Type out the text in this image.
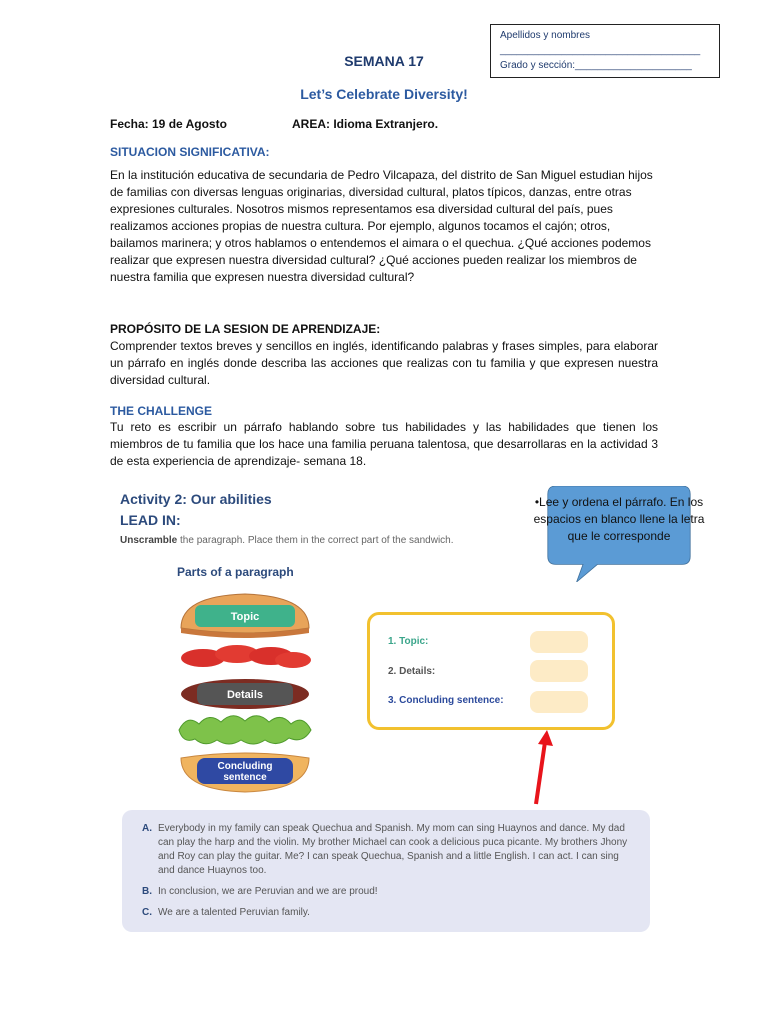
Apellidos y nombres
____________________________________
Grado y sección:_____________________
SEMANA 17
Let’s Celebrate Diversity!
Fecha: 19 de Agosto	AREA: Idioma Extranjero.
SITUACION SIGNIFICATIVA:
En la institución educativa de secundaria de Pedro Vilcapaza, del distrito de San Miguel estudian hijos de familias con diversas lenguas originarias, diversidad cultural, platos típicos, danzas, entre otras expresiones culturales. Nosotros mismos representamos esa diversidad cultural del país, pues realizamos acciones propias de nuestra cultura. Por ejemplo, algunos tocamos el cajón; otros, bailamos marinera; y otros hablamos o entendemos el aimara o el quechua. ¿Qué acciones podemos realizar que expresen nuestra diversidad cultural? ¿Qué acciones pueden realizar los miembros de nuestra familia que expresen nuestra diversidad cultural?
PROPÓSITO DE LA SESION DE APRENDIZAJE:
Comprender textos breves y sencillos en inglés, identificando palabras y frases simples, para elaborar un párrafo en inglés donde describa las acciones que realizas con tu familia y que expresen nuestra diversidad cultural.
THE CHALLENGE
Tu reto es escribir un párrafo hablando sobre tus habilidades y las habilidades que tienen los miembros de tu familia que los hace una familia peruana talentosa, que desarrollaras en la actividad 3 de esta experiencia de aprendizaje- semana 18.
Activity 2: Our abilities
LEAD IN:
Unscramble the paragraph. Place them in the correct part of the sandwich.
Parts of a paragraph
Topic
Details
Concluding
sentence
1. Topic:
2. Details:
3. Concluding sentence:
•Lee y ordena el párrafo. En los espacios en blanco llene la letra que le corresponde
A. Everybody in my family can speak Quechua and Spanish. My mom can sing Huaynos and dance. My dad can play the harp and the violin. My brother Michael can cook a delicious puca picante. My brothers Jhony and Roy can play the guitar. Me? I can speak Quechua, Spanish and a little English. I can act. I can sing and dance Huaynos too.
B. In conclusion, we are Peruvian and we are proud!
C. We are a talented Peruvian family.
